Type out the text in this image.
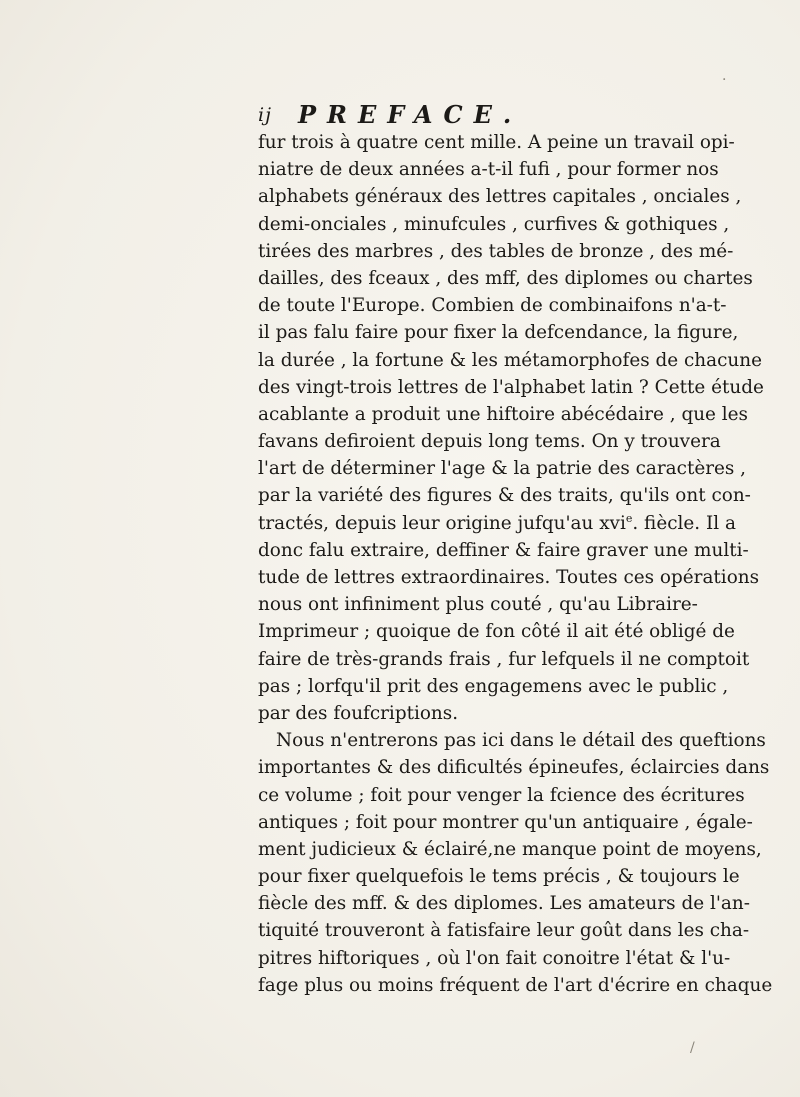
ij PREFACE.
fur trois à quatre cent mille. A peine un travail opi-
niatre de deux années a-t-il fufi , pour former nos
alphabets généraux des lettres capitales , onciales ,
demi-onciales , minufcules , curfives & gothiques ,
tirées des marbres , des tables de bronze , des mé-
dailles, des fceaux , des mff, des diplomes ou chartes
de toute l'Europe. Combien de combinaifons n'a-t-
il pas falu faire pour fixer la defcendance, la figure,
la durée , la fortune & les métamorphofes de chacune
des vingt-trois lettres de l'alphabet latin ? Cette étude
acablante a produit une hiftoire abécédaire , que les
favans defiroient depuis long tems. On y trouvera
l'art de déterminer l'age & la patrie des caractères ,
par la variété des figures & des traits, qu'ils ont con-
tractés, depuis leur origine jufqu'au xvi$^e$. fiècle. Il a
donc falu extraire, deffiner & faire graver une multi-
tude de lettres extraordinaires. Toutes ces opérations
nous ont infiniment plus couté , qu'au Libraire-
Imprimeur ; quoique de fon côté il ait été obligé de
faire de très-grands frais , fur lefquels il ne comptoit
pas ; lorfqu'il prit des engagemens avec le public ,
par des foufcriptions.
Nous n'entrerons pas ici dans le détail des queftions
importantes & des dificultés épineufes, éclaircies dans
ce volume ; foit pour venger la fcience des écritures
antiques ; foit pour montrer qu'un antiquaire , égale-
ment judicieux & éclairé,ne manque point de moyens,
pour fixer quelquefois le tems précis , & toujours le
fiècle des mff. & des diplomes. Les amateurs de l'an-
tiquité trouveront à fatisfaire leur goût dans les cha-
pitres hiftoriques , où l'on fait conoitre l'état & l'u-
fage plus ou moins fréquent de l'art d'écrire en chaque
·
/
